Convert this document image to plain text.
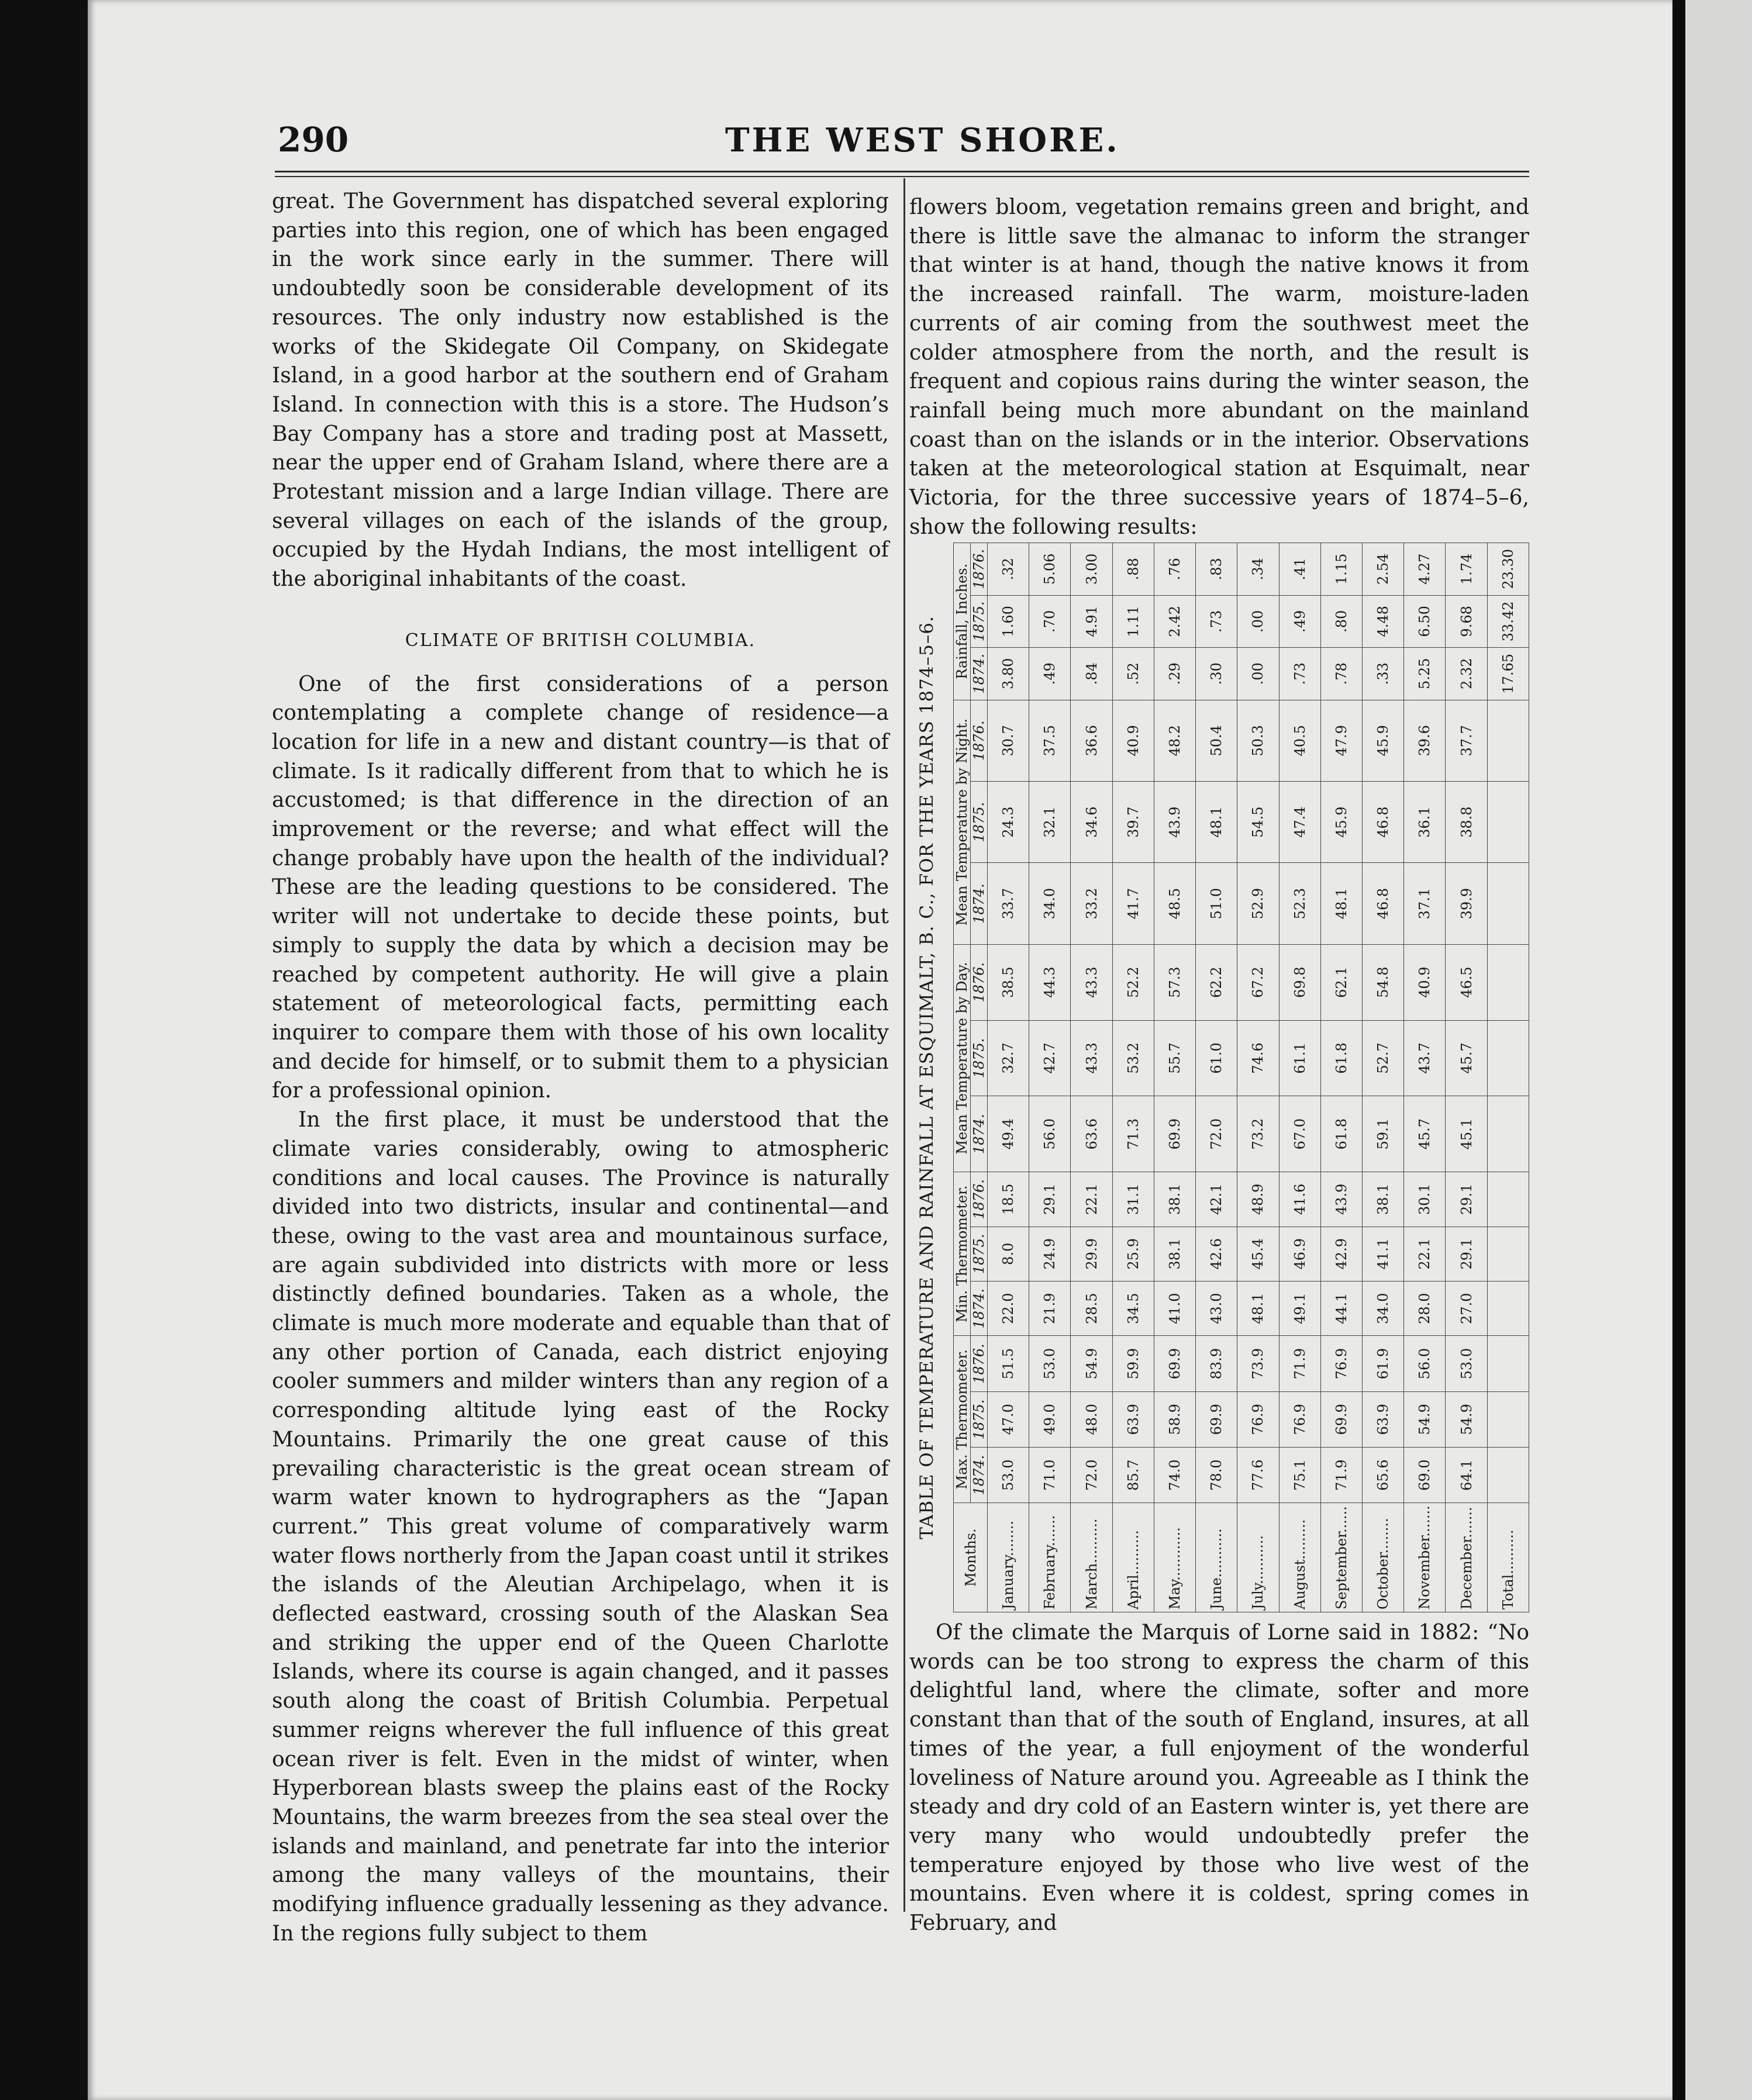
290	THE WEST SHORE.

great. The Government has dispatched several exploring parties into this region, one of which has been engaged in the work since early in the summer. There will undoubtedly soon be considerable development of its resources. The only industry now established is the works of the Skidegate Oil Company, on Skidegate Island, in a good harbor at the southern end of Graham Island. In connection with this is a store. The Hudson’s Bay Company has a store and trading post at Massett, near the upper end of Graham Island, where there are a Protestant mission and a large Indian village. There are several villages on each of the islands of the group, occupied by the Hydah Indians, the most intelligent of the aboriginal inhabitants of the coast.

CLIMATE OF BRITISH COLUMBIA.

One of the first considerations of a person contemplating a complete change of residence—a location for life in a new and distant country—is that of climate. Is it radically different from that to which he is accustomed; is that difference in the direction of an improvement or the reverse; and what effect will the change probably have upon the health of the individual? These are the leading questions to be considered. The writer will not undertake to decide these points, but simply to supply the data by which a decision may be reached by competent authority. He will give a plain statement of meteorological facts, permitting each inquirer to compare them with those of his own locality and decide for himself, or to submit them to a physician for a professional opinion.

In the first place, it must be understood that the climate varies considerably, owing to atmospheric conditions and local causes. The Province is naturally divided into two districts, insular and continental—and these, owing to the vast area and mountainous surface, are again subdivided into districts with more or less distinctly defined boundaries. Taken as a whole, the climate is much more moderate and equable than that of any other portion of Canada, each district enjoying cooler summers and milder winters than any region of a corresponding altitude lying east of the Rocky Mountains. Primarily the one great cause of this prevailing characteristic is the great ocean stream of warm water known to hydrographers as the “Japan current.” This great volume of comparatively warm water flows northerly from the Japan coast until it strikes the islands of the Aleutian Archipelago, when it is deflected eastward, crossing south of the Alaskan Sea and striking the upper end of the Queen Charlotte Islands, where its course is again changed, and it passes south along the coast of British Columbia. Perpetual summer reigns wherever the full influence of this great ocean river is felt. Even in the midst of winter, when Hyperborean blasts sweep the plains east of the Rocky Mountains, the warm breezes from the sea steal over the islands and mainland, and penetrate far into the interior among the many valleys of the mountains, their modifying influence gradually lessening as they advance. In the regions fully subject to them

flowers bloom, vegetation remains green and bright, and there is little save the almanac to inform the stranger that winter is at hand, though the native knows it from the increased rainfall. The warm, moisture-laden currents of air coming from the southwest meet the colder atmosphere from the north, and the result is frequent and copious rains during the winter season, the rainfall being much more abundant on the mainland coast than on the islands or in the interior. Observations taken at the meteorological station at Esquimalt, near Victoria, for the three successive years of 1874–5–6, show the following results:

TABLE OF TEMPERATURE AND RAINFALL AT ESQUIMALT, B. C., FOR THE YEARS 1874–5–6.
Months.	Max. Thermometer.			Min. Thermometer.			Mean Temperature by Day.			Mean Temperature by Night.			Rainfall, Inches.		
	1874.	1875.	1876.	1874.	1875.	1876.	1874.	1875.	1876.	1874.	1875.	1876.	1874.	1875.	1876.
January........	53.0	47.0	51.5	22.0	8.0	18.5	49.4	32.7	38.5	33.7	24.3	30.7	3.80	1.60	.32
February.......	71.0	49.0	53.0	21.9	24.9	29.1	56.0	42.7	44.3	34.0	32.1	37.5	.49	.70	5.06
March..........	72.0	48.0	54.9	28.5	29.9	22.1	63.6	43.3	43.3	33.2	34.6	36.6	.84	4.91	3.00
April..........	85.7	63.9	59.9	34.5	25.9	31.1	71.3	53.2	52.2	41.7	39.7	40.9	.52	1.11	.88
May............	74.0	58.9	69.9	41.0	38.1	38.1	69.9	55.7	57.3	48.5	43.9	48.2	.29	2.42	.76
June...........	78.0	69.9	83.9	43.0	42.6	42.1	72.0	61.0	62.2	51.0	48.1	50.4	.30	.73	.83
July...........	77.6	76.9	73.9	48.1	45.4	48.9	73.2	74.6	67.2	52.9	54.5	50.3	.00	.00	.34
August.........	75.1	76.9	71.9	49.1	46.9	41.6	67.0	61.1	69.8	52.3	47.4	40.5	.73	.49	.41
September......	71.9	69.9	76.9	44.1	42.9	43.9	61.8	61.8	62.1	48.1	45.9	47.9	.78	.80	1.15
October........	65.6	63.9	61.9	34.0	41.1	38.1	59.1	52.7	54.8	46.8	46.8	45.9	.33	4.48	2.54
November.......	69.0	54.9	56.0	28.0	22.1	30.1	45.7	43.7	40.9	37.1	36.1	39.6	5.25	6.50	4.27
December.......	64.1	54.9	53.0	27.0	29.1	29.1	45.1	45.7	46.5	39.9	38.8	37.7	2.32	9.68	1.74
Total..........													17.65	33.42	23.30

Of the climate the Marquis of Lorne said in 1882: “No words can be too strong to express the charm of this delightful land, where the climate, softer and more constant than that of the south of England, insures, at all times of the year, a full enjoyment of the wonderful loveliness of Nature around you. Agreeable as I think the steady and dry cold of an Eastern winter is, yet there are very many who would undoubtedly prefer the temperature enjoyed by those who live west of the mountains. Even where it is coldest, spring comes in February, and
